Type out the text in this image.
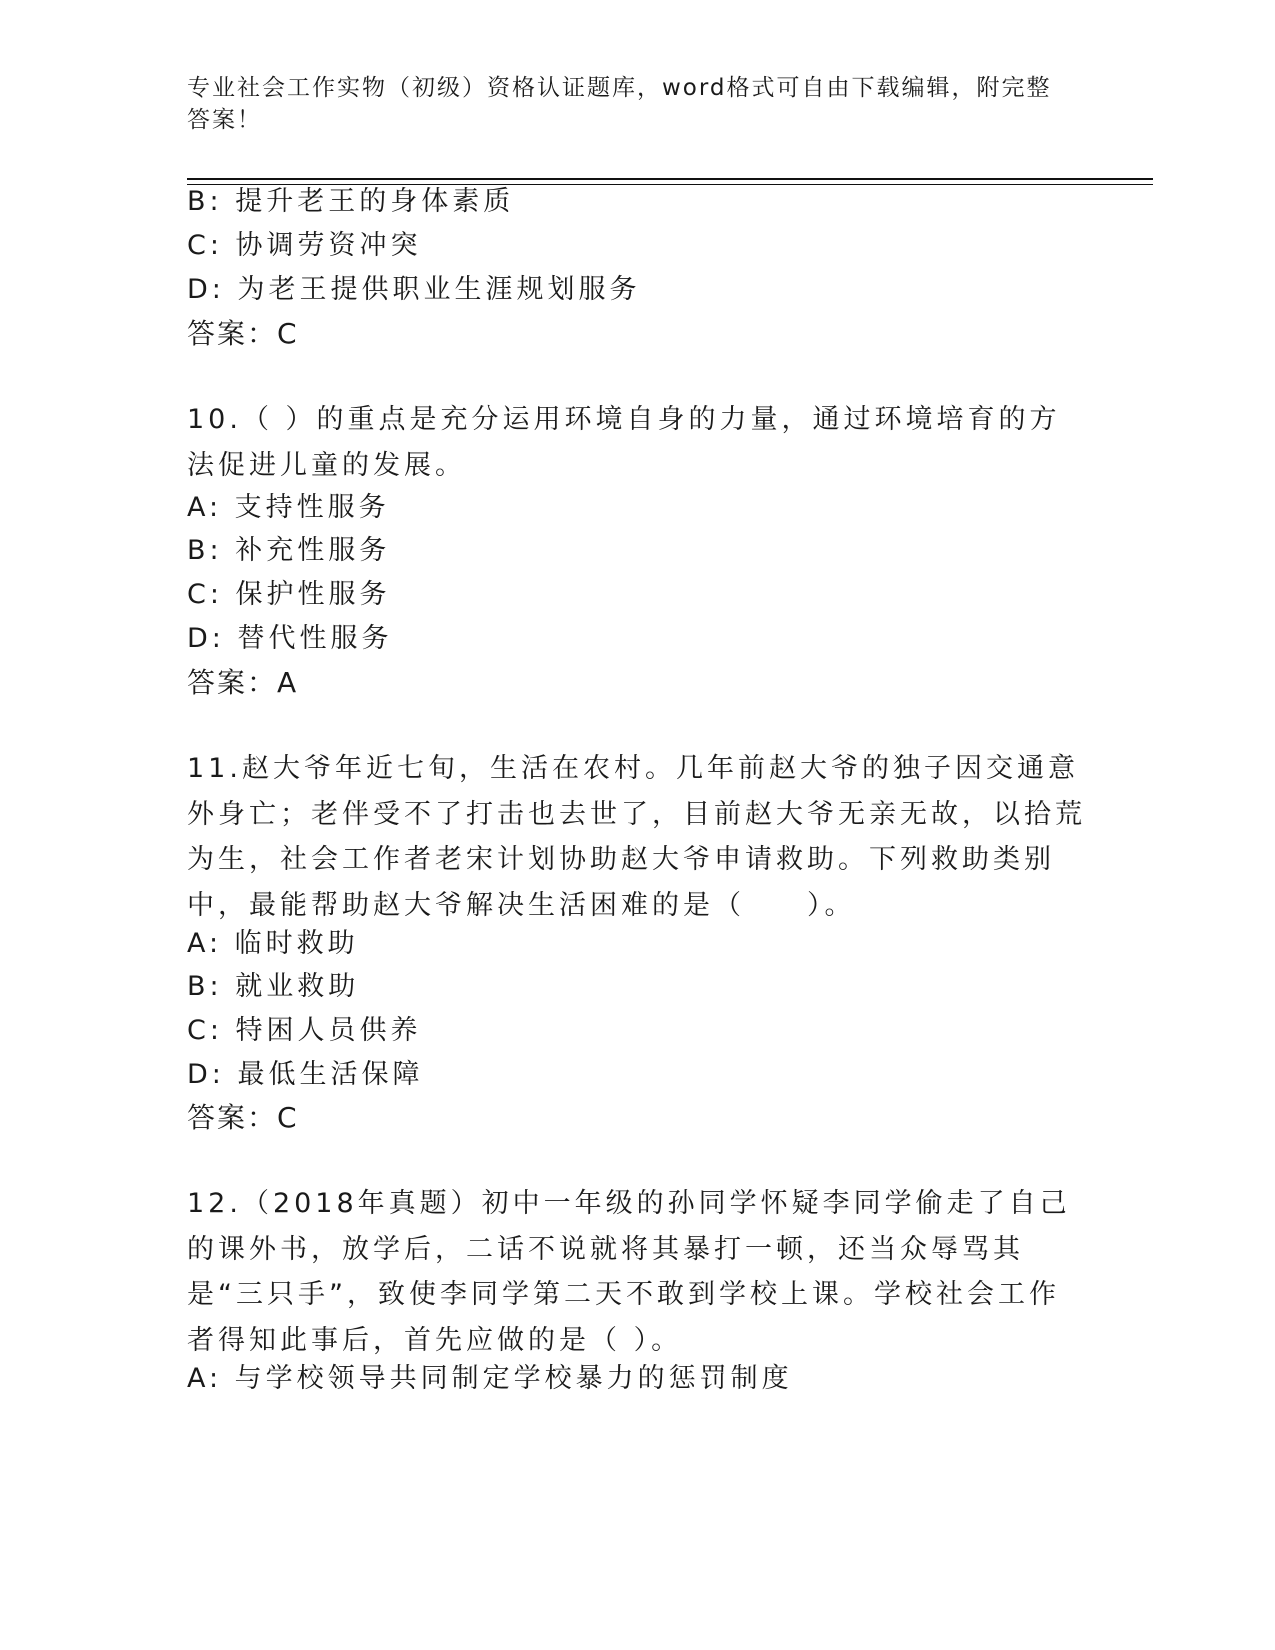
专业社会工作实物（初级）资格认证题库，word格式可自由下载编辑，附完整答案！
B: 提升老王的身体素质
C: 协调劳资冲突
D: 为老王提供职业生涯规划服务
答案：C
10.（ ）的重点是充分运用环境自身的力量，通过环境培育的方法促进儿童的发展。
A: 支持性服务
B: 补充性服务
C: 保护性服务
D: 替代性服务
答案：A
11.赵大爷年近七旬，生活在农村。几年前赵大爷的独子因交通意外身亡；老伴受不了打击也去世了，目前赵大爷无亲无故，以拾荒为生，社会工作者老宋计划协助赵大爷申请救助。下列救助类别中，最能帮助赵大爷解决生活困难的是（　　）。
A: 临时救助
B: 就业救助
C: 特困人员供养
D: 最低生活保障
答案：C
12.（2018年真题）初中一年级的孙同学怀疑李同学偷走了自己的课外书，放学后，二话不说就将其暴打一顿，还当众辱骂其是“三只手”，致使李同学第二天不敢到学校上课。学校社会工作者得知此事后，首先应做的是（ ）。
A: 与学校领导共同制定学校暴力的惩罚制度
